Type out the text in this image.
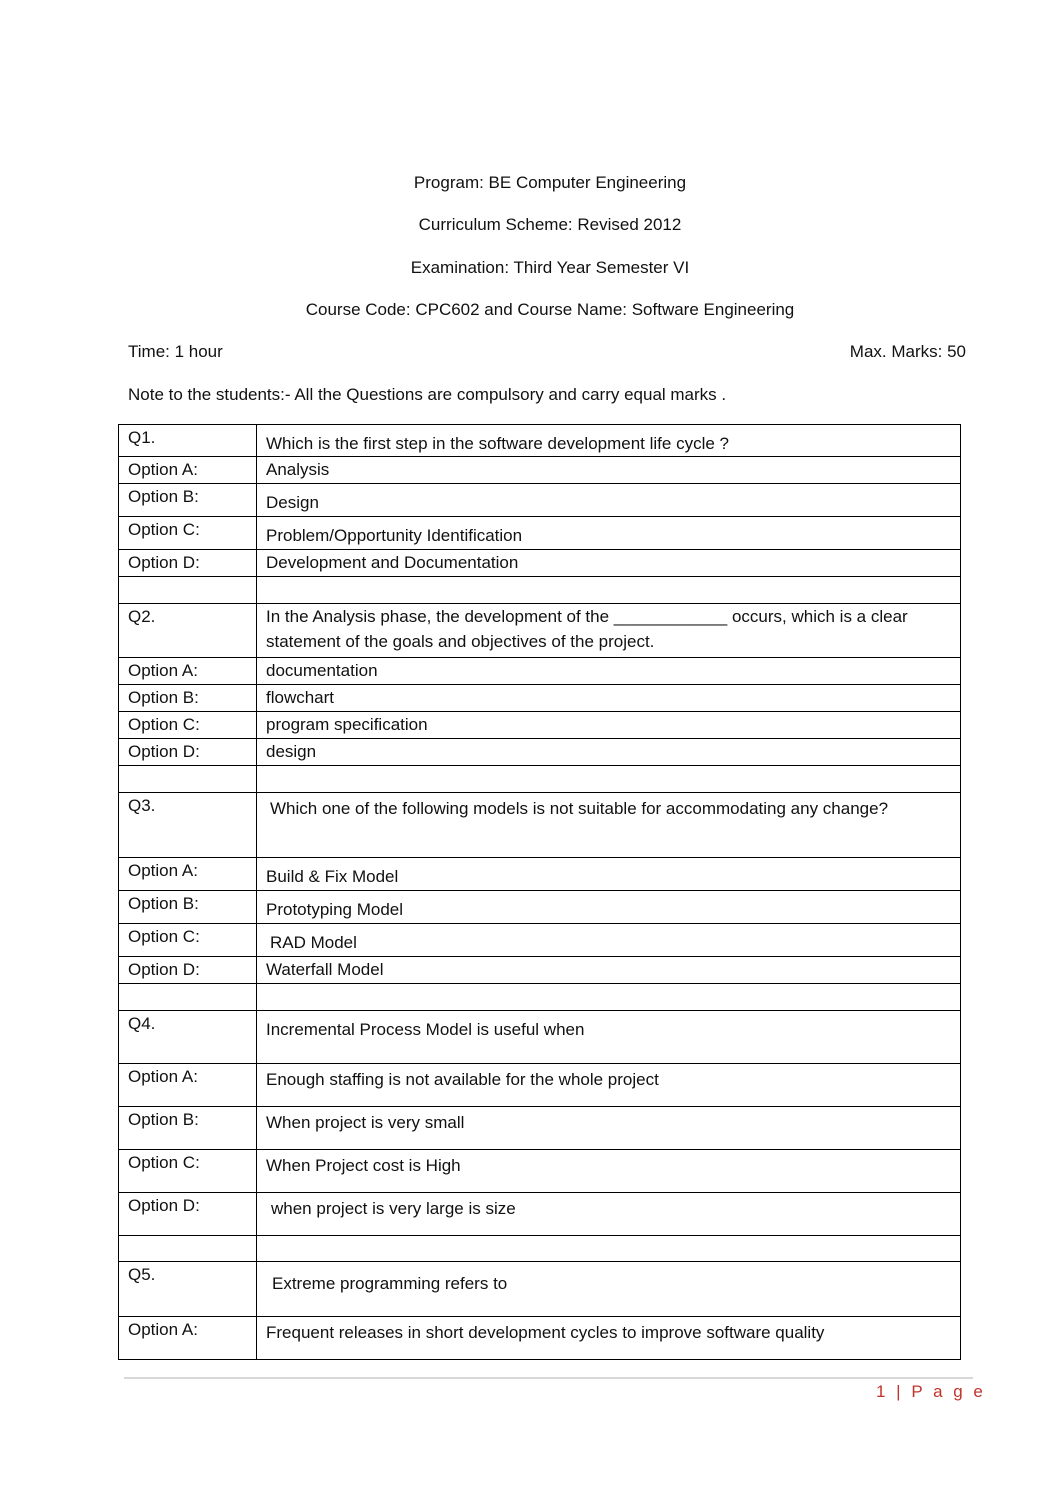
Program: BE Computer Engineering
Curriculum Scheme: Revised 2012
Examination: Third Year Semester VI
Course Code: CPC602 and Course Name: Software Engineering
Time: 1 hour	Max. Marks: 50
Note to the students:- All the Questions are compulsory and carry equal marks .
Q1.	Which is the first step in the software development life cycle ?
Option A:	Analysis
Option B:	Design
Option C:	Problem/Opportunity Identification
Option D:	Development and Documentation

Q2.	In the Analysis phase, the development of the ____________ occurs, which is a clear statement of the goals and objectives of the project.
Option A:	documentation
Option B:	flowchart
Option C:	program specification
Option D:	design

Q3.	Which one of the following models is not suitable for accommodating any change?
Option A:	Build & Fix Model
Option B:	Prototyping Model
Option C:	RAD Model
Option D:	Waterfall Model

Q4.	Incremental Process Model is useful when
Option A:	Enough staffing is not available for the whole project
Option B:	When project is very small
Option C:	When Project cost is High
Option D:	when project is very large is size

Q5.	Extreme programming refers to
Option A:	Frequent releases in short development cycles to improve software quality
1 | P a g e
